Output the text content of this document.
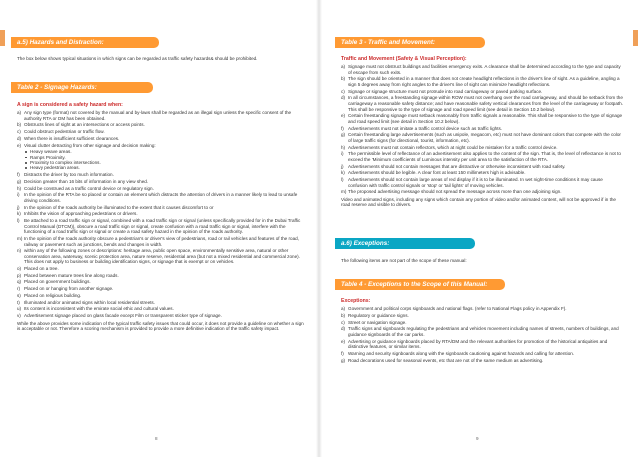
a.5) Hazards and Distraction:

The box below shows typical situations in which signs can be regarded as traffic safety hazards& should be prohibited.

Table 2 - Signage Hazards:

A sign is considered a safety hazard when:

a) Any sign type (format) not covered by the manual and by-laws shall be regarded as an illegal sign unless the specific consent of the authority RTA or DM has been obtained.
b) Obstructs lines of sight at an intersections or access points.
c) Could obstruct pedestrian or traffic flow.
d) When there is insufficient sufficient clearances.
e) Visual clutter detracting from other signage and decision making:
Heavy weave areas.
Ramps Proximity.
Proximity to complex intersections.
Heavy pedestrian areas.
f) Distracts the driver by too much information.
g) Decision greater than 16 bits of information in any view shed.
h) Could be construed as a traffic control device or regulatory sign.
i) In the opinion of the RTA be so placed or contain an element which distracts the attention of drivers in a manner likely to lead to unsafe driving conditions.
j) In the opinion of the roads authority be illuminated to the extent that it causes discomfort to or
k) Inhibits the vision of approaching pedestrians or drivers.
l) Be attached to a road traffic sign or signal, combined with a road traffic sign or signal (unless specifically provided for in the Dubai Traffic Control Manual (DTCM)), obscure a road traffic sign or signal, create confusion with a road traffic sign or signal, interfere with the functioning of a road traffic sign or signal or create a road safety hazard in the opinion of the roads authority.
m) In the opinion of the roads authority obscure a pedestrian's or driver's view of pedestrians, road or rail vehicles and features of the road, railway or pavement such as junctions, bends and changes in width.
n) within any of the following zones or descriptions: heritage area, public open space, environmentally sensitive area, natural or other conservation area, waterway, scenic protection area, nature reserve, residential area (but not a mixed residential and commercial zone). This does not apply to business or building identification signs, or signage that is exempt or on vehicles.
o) Placed on a tree.
p) Placed between mature trees line along roads.
q) Placed on government buildings.
r) Placed on or hanging from another signage.
s) Placed on religious building.
t) Illuminated and/or animated signs within local residential streets.
u) Its content is inconsistent with the emirate social ethic and cultural values.
v) Advertisement signage placed on glass facade except Film or transparent sticker type of signage.

While the above provides some indication of the typical traffic safety issues that could occur, it does not provide a guideline on whether a sign is acceptable or not. Therefore a scoring mechanism is provided to provide a more definitive indication of the traffic safety impact.

8
Table 3 - Traffic and Movement:

Traffic and Movement (Safety & Visual Perception):

a) Signage must not obstruct buildings and facilities emergency exits. A clearance shall be determined according to the type and capacity of escape from such exits.
b) The sign should be oriented in a manner that does not create headlight reflections in the driver's line of sight. As a guideline, angling a sign 5 degrees away from right angles to the driver's line of sight can minimize headlight reflections.
c) Signage or signage structure must not protrude into road carriageway or paved parking surface.
d) In all circumstances, a freestanding signage within ROW must not overhang over the road carriageway, and should be setback from the carriageway a reasonable safety distance; and have reasonable safety vertical clearances from the level of the carriageway or footpath. This shall be responsive to the type of signage and road speed limit (see detail in Section 10.2 below).
e) Certain freestanding signage must setback reasonably from traffic signals a reasonable. This shall be responsive to the type of signage and road speed limit (see detail in Section 10.2 below).
f) Advertisements must not imitate a traffic control device such as traffic lights.
g) Certain freestanding large advertisements (such as unipole, megacom, etc) must not have dominant colors that compete with the color of large traffic signs (for directional, tourist, information, etc).
h) Advertisements must not contain reflectors, which at night could be mistaken for a traffic control device.
i) The permissible level of reflectance of an advertisement also applies to the content of the sign. That is, the level of reflectance is not to exceed the 'Minimum coefficients of Luminous intensity per unit area to the satisfaction of the RTA.
j) Advertisements should not contain messages that are distractive or otherwise inconsistent with road safety.
k) Advertisements should be legible. A clear font at least 150 millimeters high is advisable.
l) Advertisements should not contain large areas of red display if it is to be illuminated. In wet night-time conditions it may cause confusion with traffic control signals or 'stop' or 'tail lights' of moving vehicles.
m) The proposed advertising message should not spread the message across more than one adjoining sign.

Video and animated signs, including any signs which contain any portion of video and/or animated content, will not be approved if in the road reserve and visible to drivers.

a.6) Exceptions:

The following items are not part of the scope of these manual:

Table 4 - Exceptions to the Scope of this Manual:

Exceptions:

a) Government and political corps signboards and national flags. (refer to National Flags policy in Appendix F).
b) Regulatory or guidance signs.
c) Street or navigation signage.
d) Traffic signs and signboards regulating the pedestrians and vehicles movement including names of streets, numbers of buildings, and guidance signboards of the car parks.
e) Advertising or guidance signboards placed by RTA/DM and the relevant authorities for promotion of the historical antiquities and distinctive features, or similar items.
f) Warning and security signboards along with the signboards cautioning against hazards and calling for attention.
g) Road decorations used for seasonal events, etc that are not of the same medium as advertising.
9
